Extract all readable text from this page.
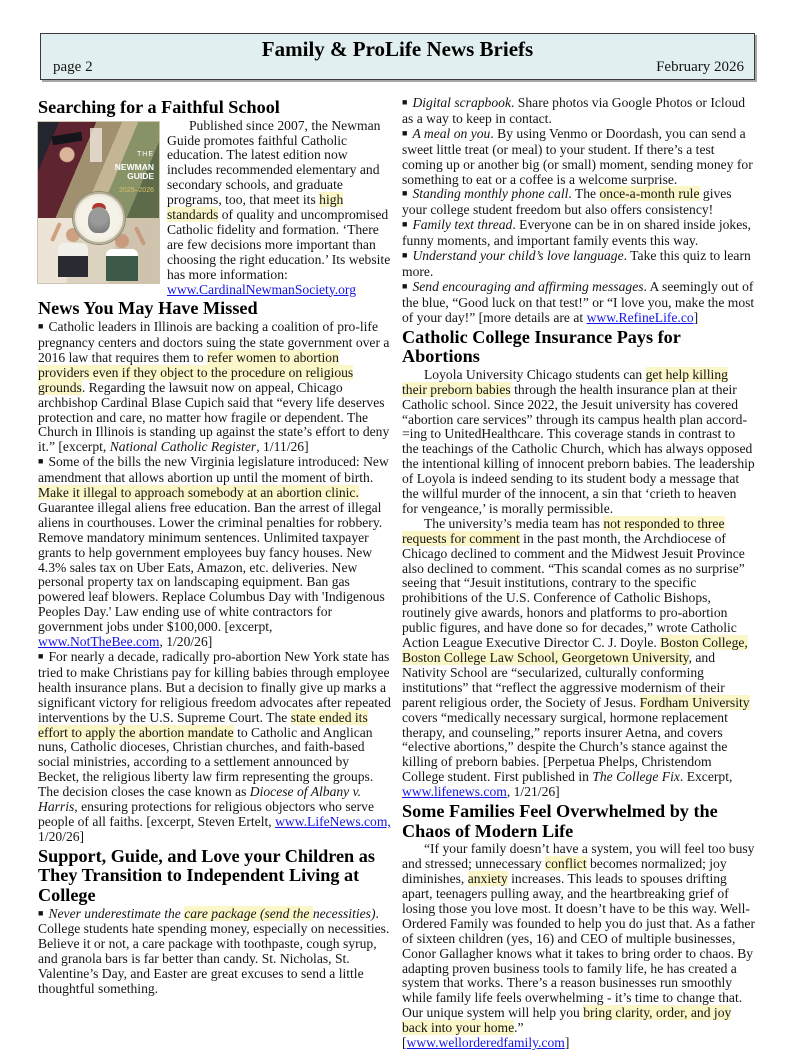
Family & ProLife News Briefs
page 2	February 2026
Searching for a Faithful School
THE
NEWMAN GUIDE
2025–2026

Published since 2007, the Newman Guide promotes faithful Catholic education. The latest edition now includes recommended elementary and secondary schools, and graduate programs, too, that meet its high standards of quality and uncompromised Catholic fidelity and formation. ‘There are few decisions more important than choosing the right education.’ Its website has more information: www.CardinalNewmanSociety.org

News You May Have Missed

■ Catholic leaders in Illinois are backing a coalition of pro-life pregnancy centers and doctors suing the state government over a 2016 law that requires them to refer women to abortion providers even if they object to the procedure on religious grounds. Regarding the lawsuit now on appeal, Chicago archbishop Cardinal Blase Cupich said that “every life deserves protection and care, no matter how fragile or dependent. The Church in Illinois is standing up against the state’s effort to deny it.” [excerpt, National Catholic Register, 1/11/26]

■ Some of the bills the new Virginia legislature introduced: New amendment that allows abortion up until the moment of birth. Make it illegal to approach somebody at an abortion clinic. Guarantee illegal aliens free education. Ban the arrest of illegal aliens in courthouses. Lower the criminal penalties for robbery. Remove mandatory minimum sentences. Unlimited taxpayer grants to help government employees buy fancy houses. New 4.3% sales tax on Uber Eats, Amazon, etc. deliveries. New personal property tax on landscaping equipment. Ban gas powered leaf blowers. Replace Columbus Day with 'Indigenous Peoples Day.' Law ending use of white contractors for government jobs under $100,000. [excerpt, www.NotTheBee.com, 1/20/26]

■ For nearly a decade, radically pro-abortion New York state has tried to make Christians pay for killing babies through employee health insurance plans. But a decision to finally give up marks a significant victory for religious freedom advocates after repeated interventions by the U.S. Supreme Court. The state ended its effort to apply the abortion mandate to Catholic and Anglican nuns, Catholic dioceses, Christian churches, and faith-based social ministries, according to a settlement announced by Becket, the religious liberty law firm representing the groups. The decision closes the case known as Diocese of Albany v. Harris, ensuring protections for religious objectors who serve people of all faiths. [excerpt, Steven Ertelt, www.LifeNews.com, 1/20/26]

Support, Guide, and Love your Children as They Transition to Independent Living at College

■ Never underestimate the care package (send the necessities). College students hate spending money, especially on necessities. Believe it or not, a care package with toothpaste, cough syrup, and granola bars is far better than candy. St. Nicholas, St. Valentine’s Day, and Easter are great excuses to send a little thoughtful something.

■ Digital scrapbook. Share photos via Google Photos or Icloud as a way to keep in contact.

■ A meal on you. By using Venmo or Doordash, you can send a sweet little treat (or meal) to your student. If there’s a test coming up or another big (or small) moment, sending money for something to eat or a coffee is a welcome surprise.

■ Standing monthly phone call. The once-a-month rule gives your college student freedom but also offers consistency!

■ Family text thread. Everyone can be in on shared inside jokes, funny moments, and important family events this way.

■ Understand your child’s love language. Take this quiz to learn more.

■ Send encouraging and affirming messages. A seemingly out of the blue, “Good luck on that test!” or “I love you, make the most of your day!” [more details are at www.RefineLife.co]

Catholic College Insurance Pays for Abortions

Loyola University Chicago students can get help killing their preborn babies through the health insurance plan at their Catholic school. Since 2022, the Jesuit university has covered “abortion care services” through its campus health plan accord-=ing to UnitedHealthcare. This coverage stands in contrast to the teachings of the Catholic Church, which has always opposed the intentional killing of innocent preborn babies. The leadership of Loyola is indeed sending to its student body a message that the willful murder of the innocent, a sin that ‘crieth to heaven for vengeance,’ is morally permissible.

The university’s media team has not responded to three requests for comment in the past month, the Archdiocese of Chicago declined to comment and the Midwest Jesuit Province also declined to comment. “This scandal comes as no surprise” seeing that “Jesuit institutions, contrary to the specific prohibitions of the U.S. Conference of Catholic Bishops, routinely give awards, honors and platforms to pro-abortion public figures, and have done so for decades,” wrote Catholic Action League Executive Director C. J. Doyle. Boston College, Boston College Law School, Georgetown University, and Nativity School are “secularized, culturally conforming institutions” that “reflect the aggressive modernism of their parent religious order, the Society of Jesus. Fordham University covers “medically necessary surgical, hormone replacement therapy, and counseling,” reports insurer Aetna, and covers “elective abortions,” despite the Church’s stance against the killing of preborn babies. [Perpetua Phelps, Christendom College student. First published in The College Fix. Excerpt, www.lifenews.com, 1/21/26]

Some Families Feel Overwhelmed by the Chaos of Modern Life

“If your family doesn’t have a system, you will feel too busy and stressed; unnecessary conflict becomes normalized; joy diminishes, anxiety increases. This leads to spouses drifting apart, teenagers pulling away, and the heartbreaking grief of losing those you love most. It doesn’t have to be this way. Well-Ordered Family was founded to help you do just that. As a father of sixteen children (yes, 16) and CEO of multiple businesses, Conor Gallagher knows what it takes to bring order to chaos. By adapting proven business tools to family life, he has created a system that works. There’s a reason businesses run smoothly while family life feels overwhelming - it’s time to change that. Our unique system will help you bring clarity, order, and joy back into your home.”

[www.wellorderedfamily.com]
